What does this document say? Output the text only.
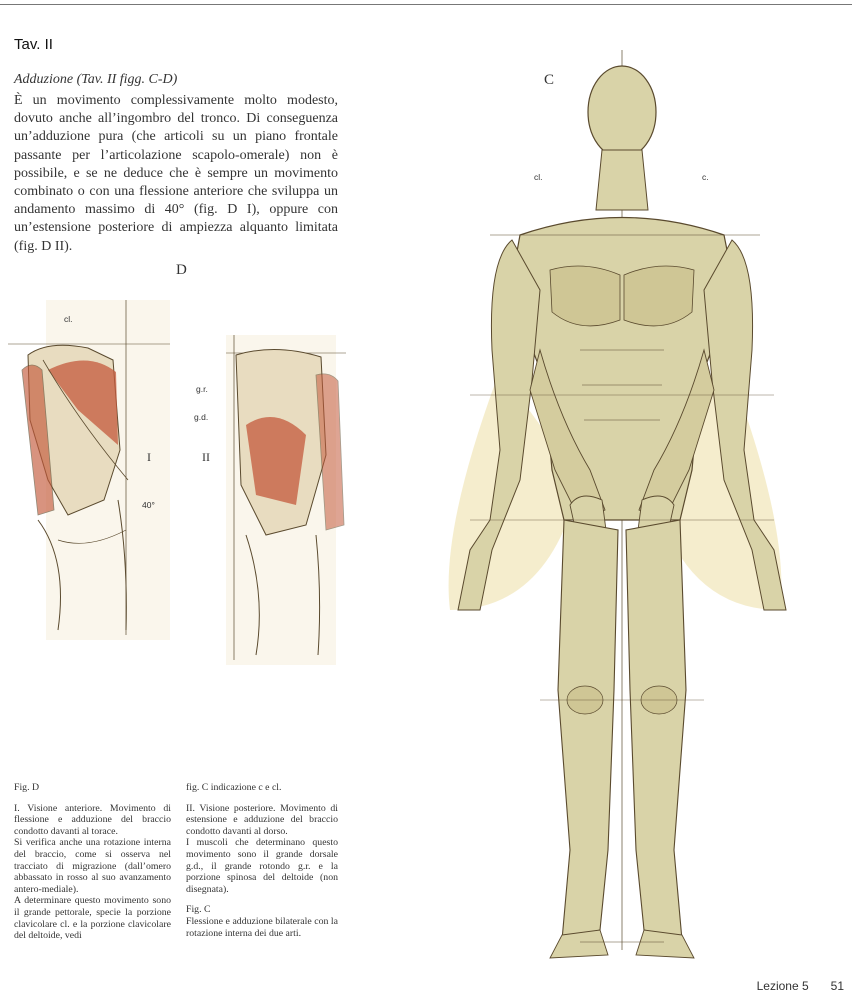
Tav. II
Adduzione (Tav. II figg. C-D)
È un movimento complessivamente molto modesto, dovuto anche all’ingombro del tronco. Di conseguenza un’adduzione pura (che articoli su un piano frontale passante per l’articolazione scapolo-omerale) non è possibile, e se ne deduce che è sempre un movimento combinato o con una flessione anteriore che sviluppa un andamento massimo di 40° (fig. D I), oppure con un’estensione posteriore di ampiezza alquanto limitata (fig. D II).
D
cl.
I
40°
II
g.r.
g.d.
C
cl.	c.

Fig. D

I. Visione anteriore. Movimento di flessione e adduzione del braccio condotto davanti al torace.

Si verifica anche una rotazione interna del braccio, come si osserva nel tracciato di migrazione (dall’omero abbassato in rosso al suo avanzamento antero-mediale).

A determinare questo movimento sono il grande pettorale, specie la porzione clavicolare cl. e la porzione clavicolare del deltoide, vedi

fig. C indicazione c e cl.

II. Visione posteriore. Movimento di estensione e adduzione del braccio condotto davanti al dorso.

I muscoli che determinano questo movimento sono il grande dorsale g.d., il grande rotondo g.r. e la porzione spinosa del deltoide (non disegnata).

Fig. C

Flessione e adduzione bilaterale con la rotazione interna dei due arti.

Lezione 5 51
